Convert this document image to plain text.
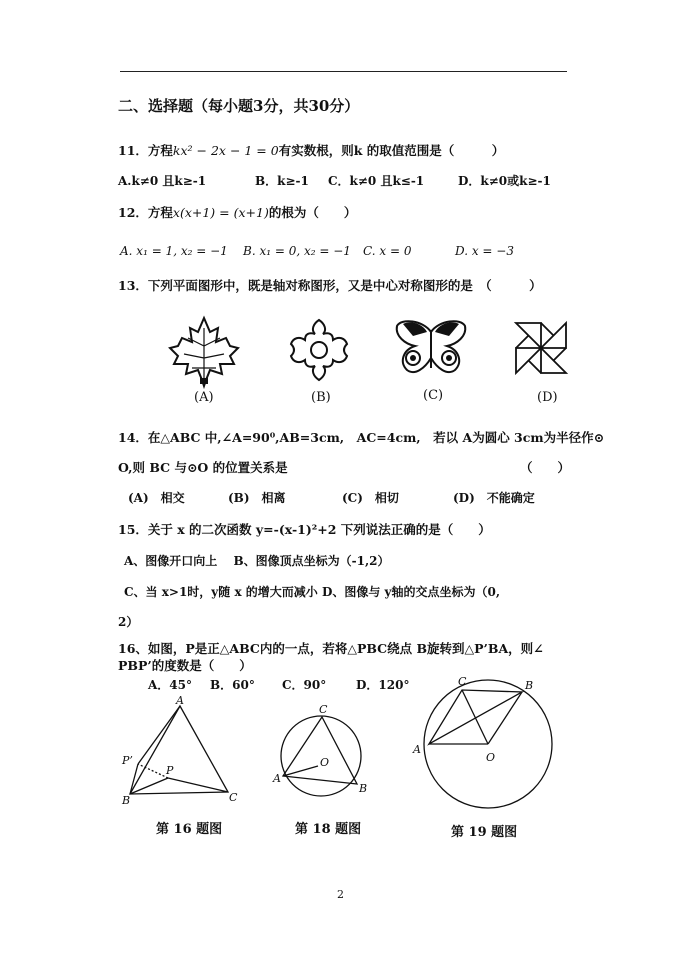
二、选择题（每小题3分，共30分）
11．方程kx² − 2x − 1 = 0有实数根，则k 的取值范围是（　　　）
A.k≠0 且k≥-1	B．k≥-1 C．k≠0 且k≤-1	D．k≠0或k≥-1
12．方程x(x+1) = (x+1)的根为（　　）
A. x₁ = 1, x₂ = −1 B. x₁ = 0, x₂ = −1 C. x = 0	D. x = −3
13．下列平面图形中，既是轴对称图形，又是中心对称图形的是　（　　　）
(A)	(B)	(C)	(D)
14．在△ABC 中,∠A=90⁰,AB=3cm,　AC=4cm,　若以 A为圆心 3cm为半径作⊙
O,则 BC 与⊙O 的位置关系是	（　　）
(A)　相交	(B)　相离	(C)　相切	(D)　不能确定
15．关于 x 的二次函数 y=-(x-1)²+2 下列说法正确的是（　　）
A、图像开口向上　 B、图像顶点坐标为（-1,2）
C、当 x>1时，y随 x 的增大而减小 D、图像与 y轴的交点坐标为（0,
2）
16、如图，P是正△ABC内的一点，若将△PBC绕点 B旋转到△P’BA，则∠
PBP’的度数是（　　）
A．45° B．60° C．90° D．120°
A
B	C
P
P’
第 16 题图
C
A
B
O
第 18 题图
C	B
A
O
第 19 题图
2
